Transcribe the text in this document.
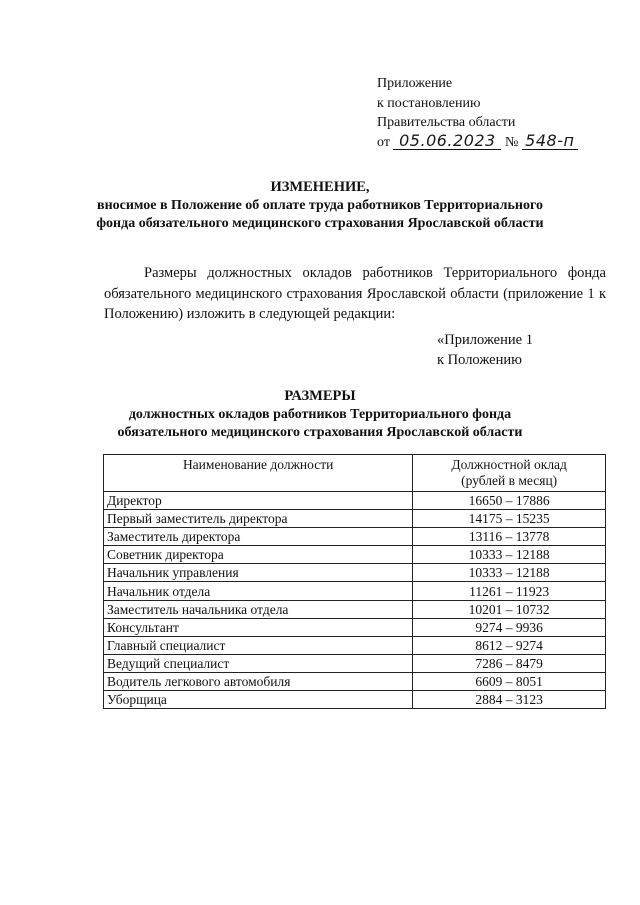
Приложение
к постановлению
Правительства области
от 05.06.2023 № 548-п
ИЗМЕНЕНИЕ,
вносимое в Положение об оплате труда работников Территориального
фонда обязательного медицинского страхования Ярославской области
Размеры должностных окладов работников Территориального фонда обязательного медицинского страхования Ярославской области (приложение 1 к Положению) изложить в следующей редакции:
«Приложение 1
к Положению
РАЗМЕРЫ
должностных окладов работников Территориального фонда
обязательного медицинского страхования Ярославской области
Наименование должности	Должностной оклад
(рублей в месяц)

Директор	16650 – 17886
Первый заместитель директора	14175 – 15235
Заместитель директора	13116 – 13778
Советник директора	10333 – 12188
Начальник управления	10333 – 12188
Начальник отдела	11261 – 11923
Заместитель начальника отдела	10201 – 10732
Консультант	9274 – 9936
Главный специалист	8612 – 9274
Ведущий специалист	7286 – 8479
Водитель легкового автомобиля	6609 – 8051
Уборщица	2884 – 3123
